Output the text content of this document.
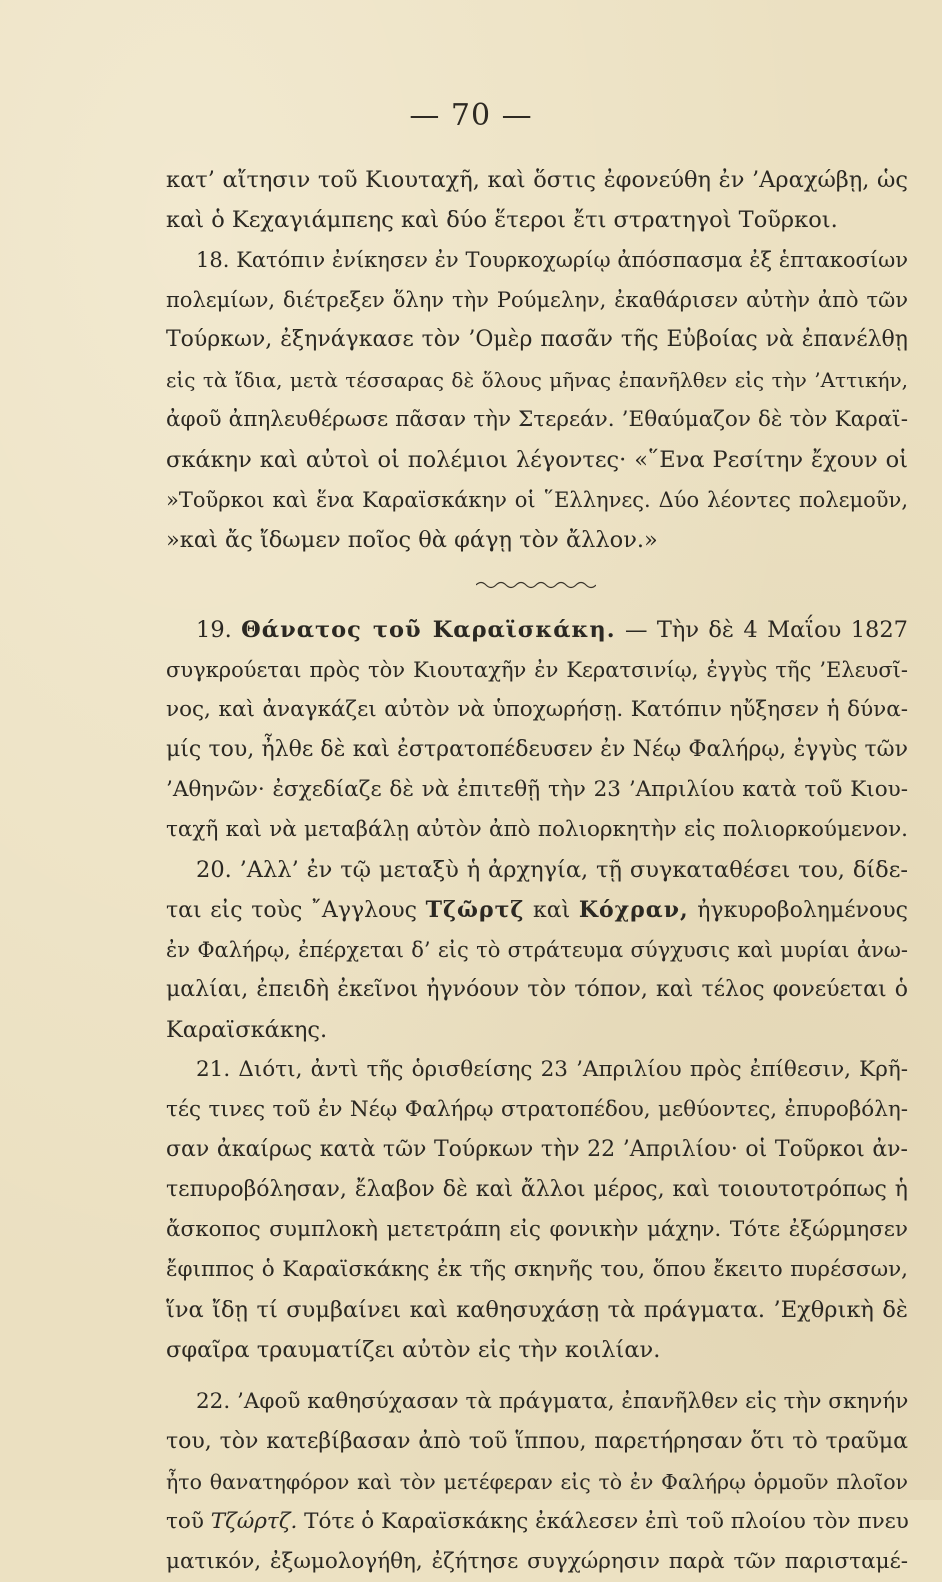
— 70 —
κατ’ αἴτησιν τοῦ Κιουταχῆ, καὶ ὅστις ἐφονεύθη ἐν ’Αραχώβῃ, ὡς
καὶ ὁ Κεχαγιάμπεης καὶ δύο ἕτεροι ἔτι στρατηγοὶ Τοῦρκοι.
18. Κατόπιν ἐνίκησεν ἐν Τουρκοχωρίῳ ἀπόσπασμα ἐξ ἑπτακοσίων
πολεμίων, διέτρεξεν ὅλην τὴν Ρούμελην, ἐκαθάρισεν αὐτὴν ἀπὸ τῶν
Τούρκων, ἐξηνάγκασε τὸν ’Ομὲρ πασᾶν τῆς Εὐβοίας νὰ ἐπανέλθῃ
εἰς τὰ ἴδια, μετὰ τέσσαρας δὲ ὅλους μῆνας ἐπανῆλθεν εἰς τὴν ’Αττικήν,
ἀφοῦ ἀπηλευθέρωσε πᾶσαν τὴν Στερεάν. ’Εθαύμαζον δὲ τὸν Καραϊ-
σκάκην καὶ αὐτοὶ οἱ πολέμιοι λέγοντες· «῞Ενα Ρεσίτην ἔχουν οἱ
»Τοῦρκοι καὶ ἕνα Καραϊσκάκην οἱ ῞Ελληνες. Δύο λέοντες πολεμοῦν,
»καὶ ἄς ἴδωμεν ποῖος θὰ φάγῃ τὸν ἄλλον.»
19. Θάνατος τοῦ Καραϊσκάκη. — Τὴν δὲ 4 Μαΐου 1827
συγκρούεται πρὸς τὸν Κιουταχῆν ἐν Κερατσινίῳ, ἐγγὺς τῆς ’Ελευσῖ-
νος, καὶ ἀναγκάζει αὐτὸν νὰ ὑποχωρήσῃ. Κατόπιν ηὔξησεν ἡ δύνα-
μίς του, ἦλθε δὲ καὶ ἐστρατοπέδευσεν ἐν Νέῳ Φαλήρῳ, ἐγγὺς τῶν
’Αθηνῶν· ἐσχεδίαζε δὲ νὰ ἐπιτεθῇ τὴν 23 ’Απριλίου κατὰ τοῦ Κιου-
ταχῆ καὶ νὰ μεταβάλῃ αὐτὸν ἀπὸ πολιορκητὴν εἰς πολιορκούμενον.
20. ’Αλλ’ ἐν τῷ μεταξὺ ἡ ἀρχηγία, τῇ συγκαταθέσει του, δίδε-
ται εἰς τοὺς ῎Αγγλους Τζῶρτζ καὶ Κόχραν, ἠγκυροβολημένους
ἐν Φαλήρῳ, ἐπέρχεται δ’ εἰς τὸ στράτευμα σύγχυσις καὶ μυρίαι ἀνω-
μαλίαι, ἐπειδὴ ἐκεῖνοι ἠγνόουν τὸν τόπον, καὶ τέλος φονεύεται ὁ
Καραϊσκάκης.
21. Διότι, ἀντὶ τῆς ὁρισθείσης 23 ’Απριλίου πρὸς ἐπίθεσιν, Κρῆ-
τές τινες τοῦ ἐν Νέῳ Φαλήρῳ στρατοπέδου, μεθύοντες, ἐπυροβόλη-
σαν ἀκαίρως κατὰ τῶν Τούρκων τὴν 22 ’Απριλίου· οἱ Τοῦρκοι ἀν-
τεπυροβόλησαν, ἔλαβον δὲ καὶ ἄλλοι μέρος, καὶ τοιουτοτρόπως ἡ
ἄσκοπος συμπλοκὴ μετετράπη εἰς φονικὴν μάχην. Τότε ἐξώρμησεν
ἔφιππος ὁ Καραϊσκάκης ἐκ τῆς σκηνῆς του, ὅπου ἔκειτο πυρέσσων,
ἵνα ἴδῃ τί συμβαίνει καὶ καθησυχάσῃ τὰ πράγματα. ’Εχθρικὴ δὲ
σφαῖρα τραυματίζει αὐτὸν εἰς τὴν κοιλίαν.
22. ’Αφοῦ καθησύχασαν τὰ πράγματα, ἐπανῆλθεν εἰς τὴν σκηνήν
του, τὸν κατεβίβασαν ἀπὸ τοῦ ἵππου, παρετήρησαν ὅτι τὸ τραῦμα
ἦτο θανατηφόρον καὶ τὸν μετέφεραν εἰς τὸ ἐν Φαλήρῳ ὁρμοῦν πλοῖον
τοῦ Τζώρτζ. Τότε ὁ Καραϊσκάκης ἐκάλεσεν ἐπὶ τοῦ πλοίου τὸν πνευ
ματικόν, ἐξωμολογήθη, ἐζήτησε συγχώρησιν παρὰ τῶν παρισταμέ-
